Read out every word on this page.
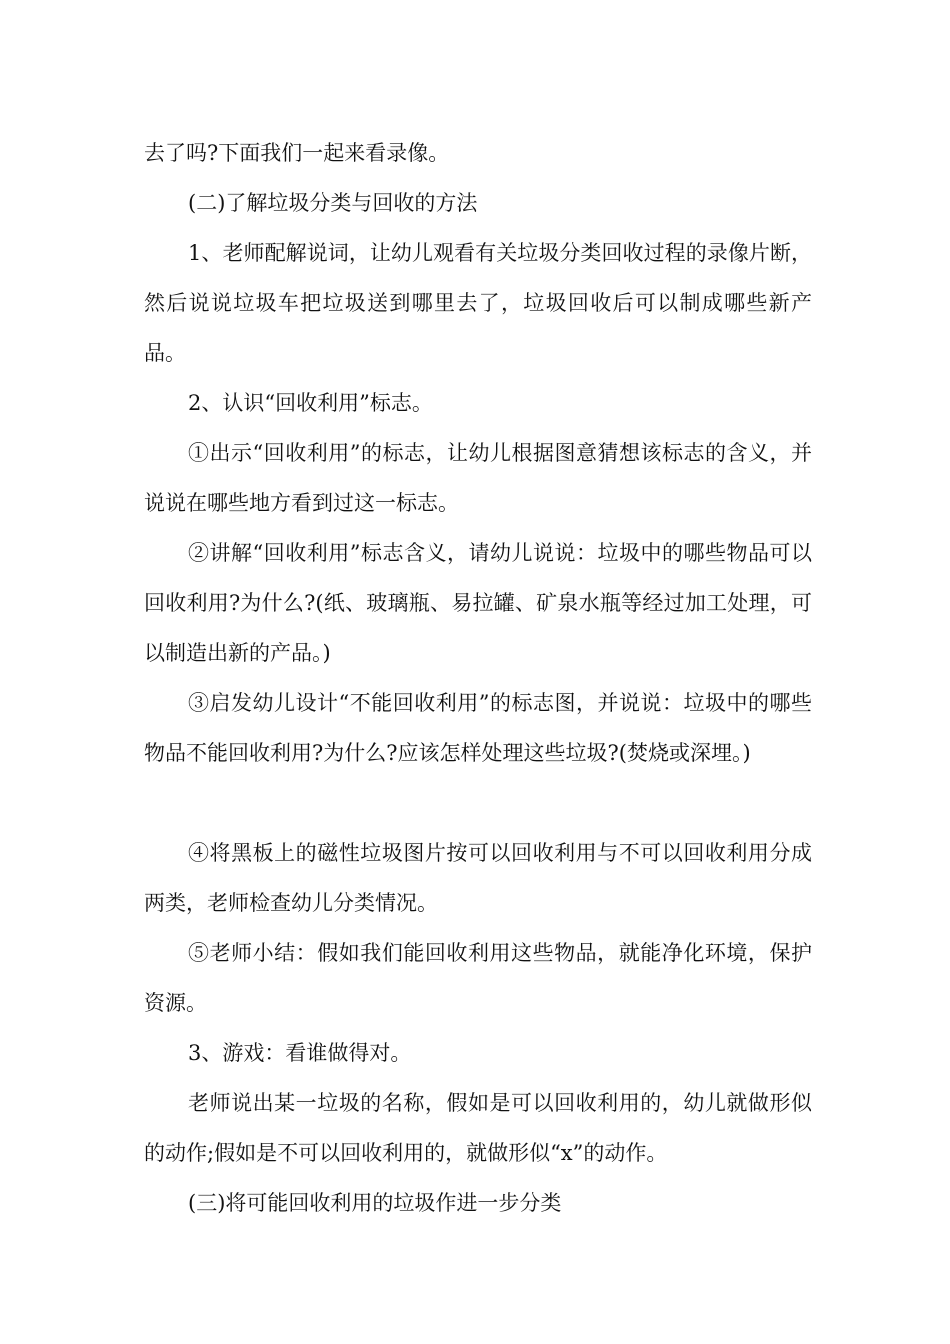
去了吗?下面我们一起来看录像。

(二)了解垃圾分类与回收的方法

1、老师配解说词，让幼儿观看有关垃圾分类回收过程的录像片断，然后说说垃圾车把垃圾送到哪里去了，垃圾回收后可以制成哪些新产品。

2、认识“回收利用”标志。

①出示“回收利用”的标志，让幼儿根据图意猜想该标志的含义，并说说在哪些地方看到过这一标志。

②讲解“回收利用”标志含义，请幼儿说说：垃圾中的哪些物品可以回收利用?为什么?(纸、玻璃瓶、易拉罐、矿泉水瓶等经过加工处理，可以制造出新的产品。)

③启发幼儿设计“不能回收利用”的标志图，并说说：垃圾中的哪些物品不能回收利用?为什么?应该怎样处理这些垃圾?(焚烧或深埋。)

④将黑板上的磁性垃圾图片按可以回收利用与不可以回收利用分成两类，老师检查幼儿分类情况。

⑤老师小结：假如我们能回收利用这些物品，就能净化环境，保护资源。

3、游戏：看谁做得对。

老师说出某一垃圾的名称，假如是可以回收利用的，幼儿就做形似的动作;假如是不可以回收利用的，就做形似“x”的动作。

(三)将可能回收利用的垃圾作进一步分类
